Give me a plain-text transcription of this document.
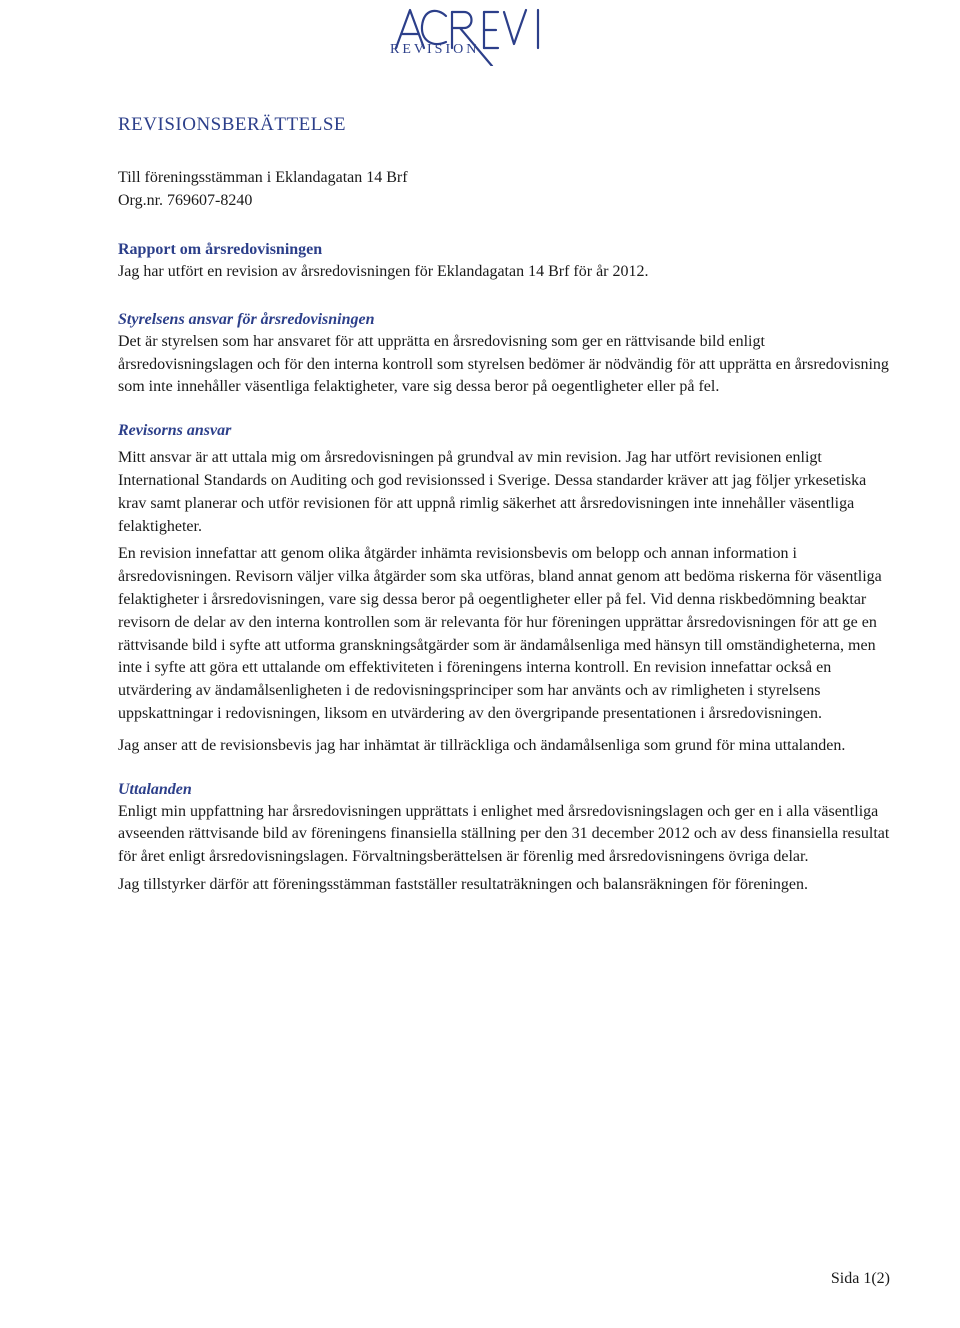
REVISION
REVISIONSBERÄTTELSE
Till föreningsstämman i Eklandagatan 14 Brf
Org.nr. 769607-8240
Rapport om årsredovisningen

Jag har utfört en revision av årsredovisningen för Eklandagatan 14 Brf för år 2012.

Styrelsens ansvar för årsredovisningen

Det är styrelsen som har ansvaret för att upprätta en årsredovisning som ger en rättvisande bild enligt årsredovisningslagen och för den interna kontroll som styrelsen bedömer är nödvändig för att upprätta en årsredovisning som inte innehåller väsentliga felaktigheter, vare sig dessa beror på oegentligheter eller på fel.

Revisorns ansvar

Mitt ansvar är att uttala mig om årsredovisningen på grundval av min revision. Jag har utfört revisionen enligt International Standards on Auditing och god revisionssed i Sverige. Dessa standarder kräver att jag följer yrkesetiska krav samt planerar och utför revisionen för att uppnå rimlig säkerhet att årsredovisningen inte innehåller väsentliga felaktigheter.

En revision innefattar att genom olika åtgärder inhämta revisionsbevis om belopp och annan information i årsredovisningen. Revisorn väljer vilka åtgärder som ska utföras, bland annat genom att bedöma riskerna för väsentliga felaktigheter i årsredovisningen, vare sig dessa beror på oegentligheter eller på fel. Vid denna riskbedömning beaktar revisorn de delar av den interna kontrollen som är relevanta för hur föreningen upprättar årsredovisningen för att ge en rättvisande bild i syfte att utforma granskningsåtgärder som är ändamålsenliga med hänsyn till omständigheterna, men inte i syfte att göra ett uttalande om effektiviteten i föreningens interna kontroll. En revision innefattar också en utvärdering av ändamålsenligheten i de redovisningsprinciper som har använts och av rimligheten i styrelsens uppskattningar i redovisningen, liksom en utvärdering av den övergripande presentationen i årsredovisningen.

Jag anser att de revisionsbevis jag har inhämtat är tillräckliga och ändamålsenliga som grund för mina uttalanden.

Uttalanden

Enligt min uppfattning har årsredovisningen upprättats i enlighet med årsredovisningslagen och ger en i alla väsentliga avseenden rättvisande bild av föreningens finansiella ställning per den 31 december 2012 och av dess finansiella resultat för året enligt årsredovisningslagen. Förvaltningsberättelsen är förenlig med årsredovisningens övriga delar.

Jag tillstyrker därför att föreningsstämman fastställer resultaträkningen och balansräkningen för föreningen.

Sida 1(2)
